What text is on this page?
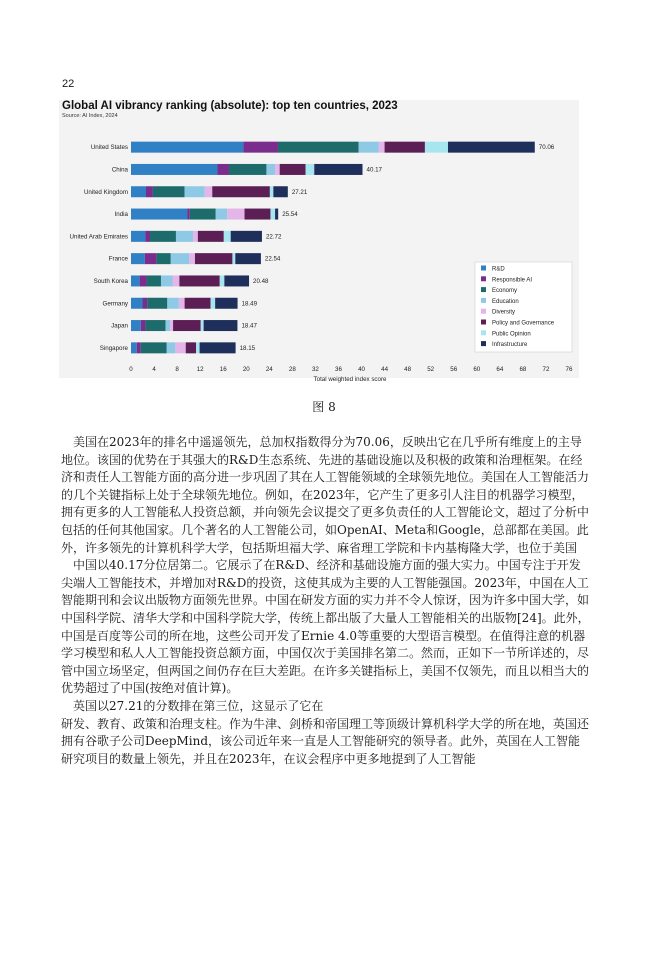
22
Global AI vibrancy ranking (absolute): top ten countries, 2023
Source: AI Index, 2024
United States	70.06
China	40.17
United Kingdom	27.21
India	25.54
United Arab Emirates	22.72
France	22.54
South Korea	20.48
Germany	18.49
Japan	18.47
Singapore	18.15
0	4	8	12	16	20	24	28	32	36	40	44	48	52	56	60	64	68	72	76
Total weighted index score
R&D
Responsible AI
Economy
Education
Diversity
Policy and Governance
Public Opinion
Infrastructure
图 8

美国在2023年的排名中遥遥领先，总加权指数得分为70.06，反映出它在几乎所有维度上的主导地位。该国的优势在于其强大的R&D生态系统、先进的基础设施以及积极的政策和治理框架。在经济和责任人工智能方面的高分进一步巩固了其在人工智能领域的全球领先地位。美国在人工智能活力的几个关键指标上处于全球领先地位。例如，在2023年，它产生了更多引人注目的机器学习模型，拥有更多的人工智能私人投资总额，并向领先会议提交了更多负责任的人工智能论文，超过了分析中包括的任何其他国家。几个著名的人工智能公司，如OpenAI、Meta和Google，总部都在美国。此外，许多领先的计算机科学大学，包括斯坦福大学、麻省理工学院和卡内基梅隆大学，也位于美国

中国以40.17分位居第二。它展示了在R&D、经济和基础设施方面的强大实力。中国专注于开发尖端人工智能技术，并增加对R&D的投资，这使其成为主要的人工智能强国。2023年，中国在人工智能期刊和会议出版物方面领先世界。中国在研发方面的实力并不令人惊讶，因为许多中国大学，如中国科学院、清华大学和中国科学院大学，传统上都出版了大量人工智能相关的出版物[24]。此外，中国是百度等公司的所在地，这些公司开发了Ernie 4.0等重要的大型语言模型。在值得注意的机器学习模型和私人人工智能投资总额方面，中国仅次于美国排名第二。然而，正如下一节所详述的，尽管中国立场坚定，但两国之间仍存在巨大差距。在许多关键指标上，美国不仅领先，而且以相当大的优势超过了中国(按绝对值计算)。

英国以27.21的分数排在第三位，这显示了它在

研发、教育、政策和治理支柱。作为牛津、剑桥和帝国理工等顶级计算机科学大学的所在地，英国还拥有谷歌子公司DeepMind，该公司近年来一直是人工智能研究的领导者。此外，英国在人工智能研究项目的数量上领先，并且在2023年，在议会程序中更多地提到了人工智能
